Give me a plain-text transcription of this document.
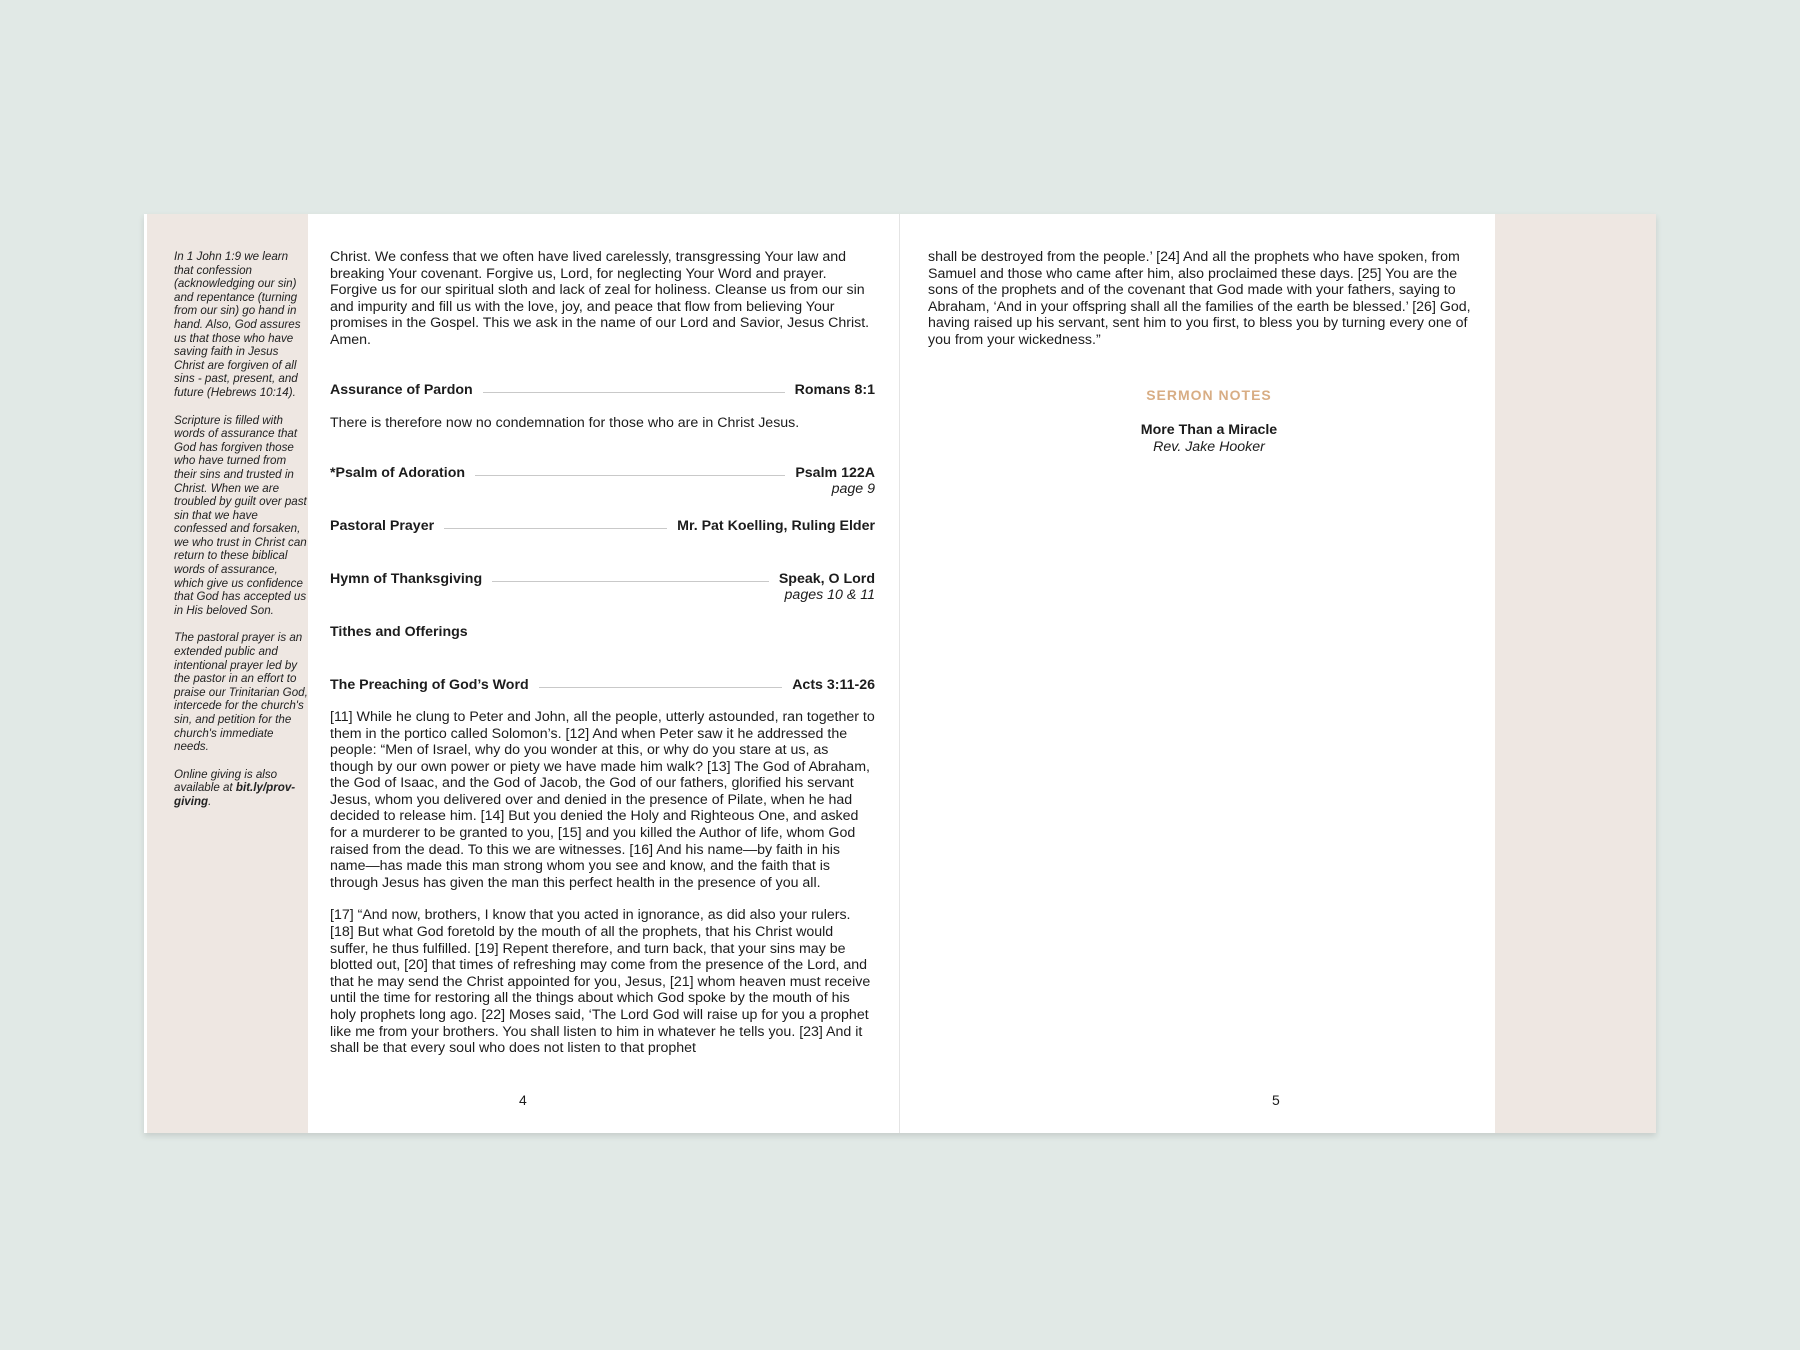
In 1 John 1:9 we learn that confession (acknowledging our sin) and repentance (turning from our sin) go hand in hand. Also, God assures us that those who have saving faith in Jesus Christ are forgiven of all sins - past, present, and future (Hebrews 10:14).

Scripture is filled with words of assurance that God has forgiven those who have turned from their sins and trusted in Christ. When we are troubled by guilt over past sin that we have confessed and forsaken, we who trust in Christ can return to these biblical words of assurance, which give us confidence that God has accepted us in His beloved Son.

The pastoral prayer is an extended public and intentional prayer led by the pastor in an effort to praise our Trinitarian God, intercede for the church's sin, and petition for the church's immediate needs.

Online giving is also available at bit.ly/prov-giving.

Christ. We confess that we often have lived carelessly, transgressing Your law and breaking Your covenant. Forgive us, Lord, for neglecting Your Word and prayer. Forgive us for our spiritual sloth and lack of zeal for holiness. Cleanse us from our sin and impurity and fill us with the love, joy, and peace that flow from believing Your promises in the Gospel. This we ask in the name of our Lord and Savior, Jesus Christ. Amen.

Assurance of Pardon	Romans 8:1

There is therefore now no condemnation for those who are in Christ Jesus.

*Psalm of Adoration	Psalm 122A
page 9
Pastoral Prayer	Mr. Pat Koelling, Ruling Elder
Hymn of Thanksgiving	Speak, O Lord
pages 10 & 11
Tithes and Offerings
The Preaching of God’s Word	Acts 3:11-26

[11] While he clung to Peter and John, all the people, utterly astounded, ran together to them in the portico called Solomon’s. [12] And when Peter saw it he addressed the people: “Men of Israel, why do you wonder at this, or why do you stare at us, as though by our own power or piety we have made him walk? [13] The God of Abraham, the God of Isaac, and the God of Jacob, the God of our fathers, glorified his servant Jesus, whom you delivered over and denied in the presence of Pilate, when he had decided to release him. [14] But you denied the Holy and Righteous One, and asked for a murderer to be granted to you, [15] and you killed the Author of life, whom God raised from the dead. To this we are witnesses. [16] And his name—by faith in his name—has made this man strong whom you see and know, and the faith that is through Jesus has given the man this perfect health in the presence of you all.

[17] “And now, brothers, I know that you acted in ignorance, as did also your rulers. [18] But what God foretold by the mouth of all the prophets, that his Christ would suffer, he thus fulfilled. [19] Repent therefore, and turn back, that your sins may be blotted out, [20] that times of refreshing may come from the presence of the Lord, and that he may send the Christ appointed for you, Jesus, [21] whom heaven must receive until the time for restoring all the things about which God spoke by the mouth of his holy prophets long ago. [22] Moses said, ‘The Lord God will raise up for you a prophet like me from your brothers. You shall listen to him in whatever he tells you. [23] And it shall be that every soul who does not listen to that prophet

4

shall be destroyed from the people.’ [24] And all the prophets who have spoken, from Samuel and those who came after him, also proclaimed these days. [25] You are the sons of the prophets and of the covenant that God made with your fathers, saying to Abraham, ‘And in your offspring shall all the families of the earth be blessed.’ [26] God, having raised up his servant, sent him to you first, to bless you by turning every one of you from your wickedness.”

SERMON NOTES
More Than a Miracle
Rev. Jake Hooker
5
